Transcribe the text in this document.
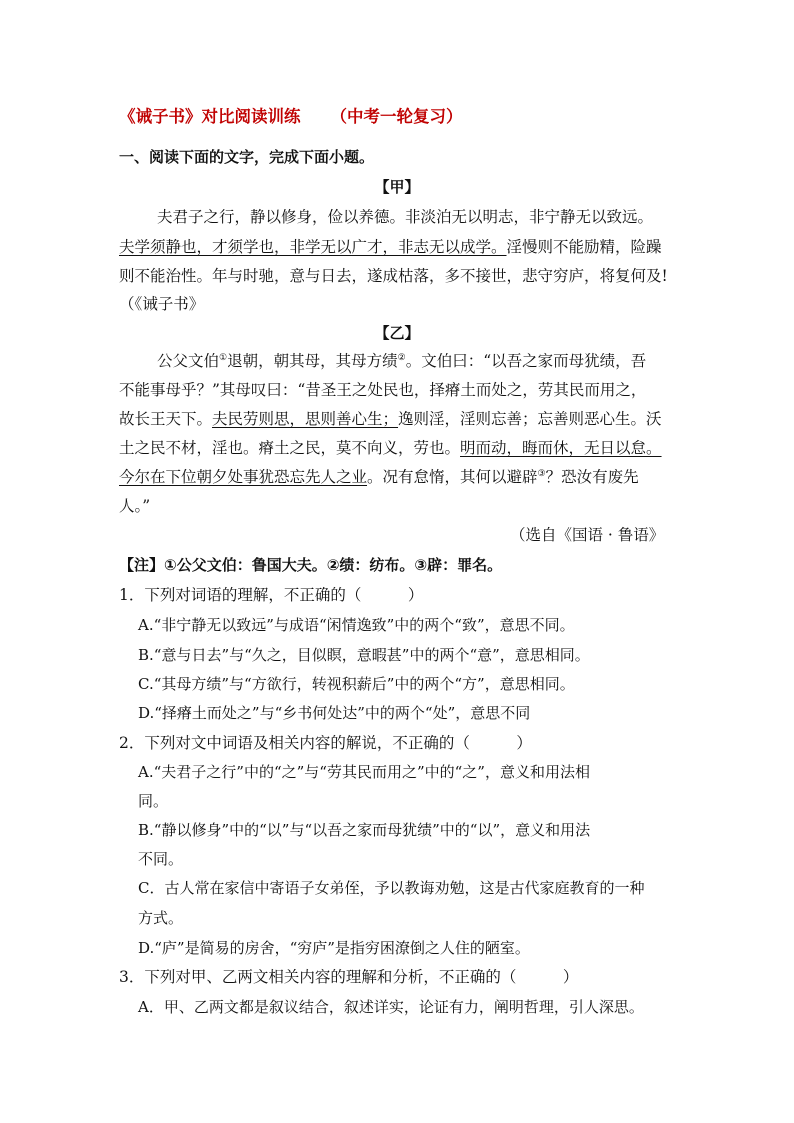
《诫子书》对比阅读训练 （中考一轮复习）
一、阅读下面的文字，完成下面小题。
【甲】
夫君子之行，静以修身，俭以养德。非淡泊无以明志，非宁静无以致远。
夫学须静也，才须学也，非学无以广才，非志无以成学。淫慢则不能励精，险躁
则不能治性。年与时驰，意与日去，遂成枯落，多不接世，悲守穷庐，将复何及!
（《诫子书》
【乙】
公父文伯①退朝，朝其母，其母方绩②。文伯曰：“以吾之家而母犹绩，吾
不能事母乎？”其母叹曰：“昔圣王之处民也，择瘠土而处之，劳其民而用之，
故长王天下。夫民劳则思，思则善心生；逸则淫，淫则忘善；忘善则恶心生。沃
土之民不材，淫也。瘠土之民，莫不向义，劳也。明而动，晦而休，无日以怠。
今尔在下位朝夕处事犹恐忘先人之业。况有怠惰，其何以避辟③？恐汝有废先
人。”
（选自《国语 · 鲁语》
【注】①公父文伯：鲁国大夫。②绩：纺布。③辟：罪名。
1．下列对词语的理解，不正确的（　　　）
A.“非宁静无以致远”与成语“闲情逸致”中的两个“致”，意思不同。
B.“意与日去”与“久之，目似瞑，意暇甚”中的两个“意”，意思相同。
C.“其母方绩”与“方欲行，转视积薪后”中的两个“方”，意思相同。
D.“择瘠土而处之”与“乡书何处达”中的两个“处”，意思不同
2．下列对文中词语及相关内容的解说，不正确的（　　　）
A.“夫君子之行”中的“之”与“劳其民而用之”中的“之”，意义和用法相
同。
B.“静以修身”中的“以”与“以吾之家而母犹绩”中的“以”，意义和用法
不同。
C．古人常在家信中寄语子女弟侄，予以教诲劝勉，这是古代家庭教育的一种
方式。
D.“庐”是简易的房舍，“穷庐”是指穷困潦倒之人住的陋室。
3．下列对甲、乙两文相关内容的理解和分析，不正确的（　　　）
A．甲、乙两文都是叙议结合，叙述详实，论证有力，阐明哲理，引人深思。
